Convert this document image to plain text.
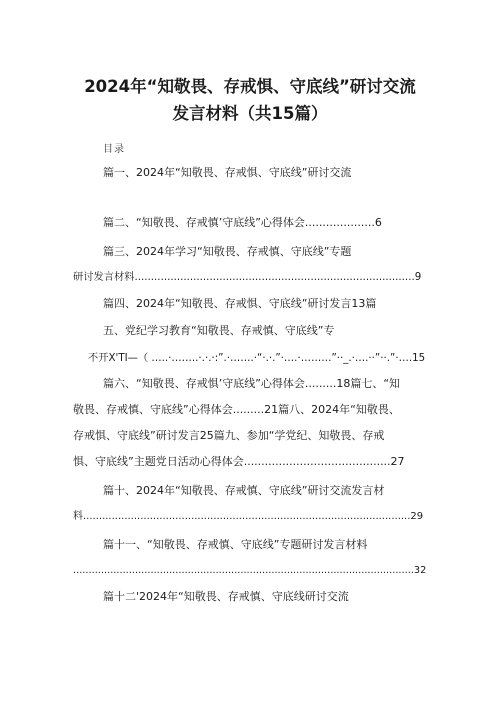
2024年“知敬畏、存戒惧、守底线”研讨交流
发言材料（共15篇）
目录
篇一、2024年“知敬畏、存戒惧、守底线”研讨交流
篇二、“知敬畏、存戒慎’守底线”心得体会....................6
篇三、2024年学习“知敬畏、存戒慎、守底线”专题
研讨发言材料......................................................................................9
篇四、2024年“知敬畏、存戒惧、守底线”研讨发言13篇
五、党纪学习教育“知敬畏、存戒慎、守底线”专
不开X'TI—（ …..·……..·.·.·:”.·…….·“·.·.”·….·………”··_.·….··”··.”·….15
篇六、“知敬畏、存戒惧’守底线”心得体会.........18篇七、“知
敬畏、存戒慎、守底线”心得体会.........21篇八、2024年“知敬畏、
存戒惧、守底线”研讨发言25篇九、参加“学党纪、知敬畏、存戒
惧、守底线”主题党日活动心得体会..........................................27
篇十、2024年“知敬畏、存戒慎、守底线”研讨交流发言材
料.......................................................................................................29
篇十一、“知敬畏、存戒慎、守底线”专题研讨发言材料
..............................................................................................................32
篇十二'2024年“知敬畏、存戒慎、守底线研讨交流
